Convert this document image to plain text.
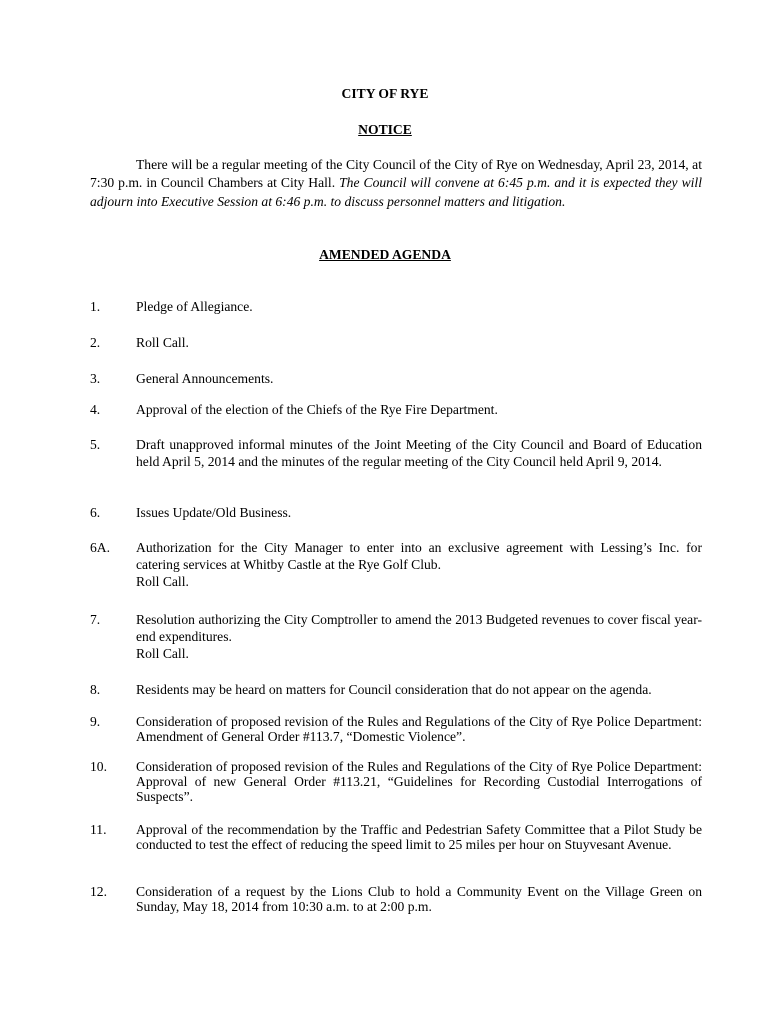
CITY OF RYE
NOTICE
There will be a regular meeting of the City Council of the City of Rye on Wednesday, April 23, 2014, at 7:30 p.m. in Council Chambers at City Hall. The Council will convene at 6:45 p.m. and it is expected they will adjourn into Executive Session at 6:46 p.m. to discuss personnel matters and litigation.
AMENDED AGENDA
1.	Pledge of Allegiance.
2.	Roll Call.
3.	General Announcements.
4.	Approval of the election of the Chiefs of the Rye Fire Department.
5.	Draft unapproved informal minutes of the Joint Meeting of the City Council and Board of Education held April 5, 2014 and the minutes of the regular meeting of the City Council held April 9, 2014.
6.	Issues Update/Old Business.
6A.	Authorization for the City Manager to enter into an exclusive agreement with Lessing’s Inc. for catering services at Whitby Castle at the Rye Golf Club.
Roll Call.
7.	Resolution authorizing the City Comptroller to amend the 2013 Budgeted revenues to cover fiscal year-end expenditures.
Roll Call.
8.	Residents may be heard on matters for Council consideration that do not appear on the agenda.
9.	Consideration of proposed revision of the Rules and Regulations of the City of Rye Police Department: Amendment of General Order #113.7, “Domestic Violence”.
10.	Consideration of proposed revision of the Rules and Regulations of the City of Rye Police Department: Approval of new General Order #113.21, “Guidelines for Recording Custodial Interrogations of Suspects”.
11.	Approval of the recommendation by the Traffic and Pedestrian Safety Committee that a Pilot Study be conducted to test the effect of reducing the speed limit to 25 miles per hour on Stuyvesant Avenue.
12.	Consideration of a request by the Lions Club to hold a Community Event on the Village Green on Sunday, May 18, 2014 from 10:30 a.m. to at 2:00 p.m.
